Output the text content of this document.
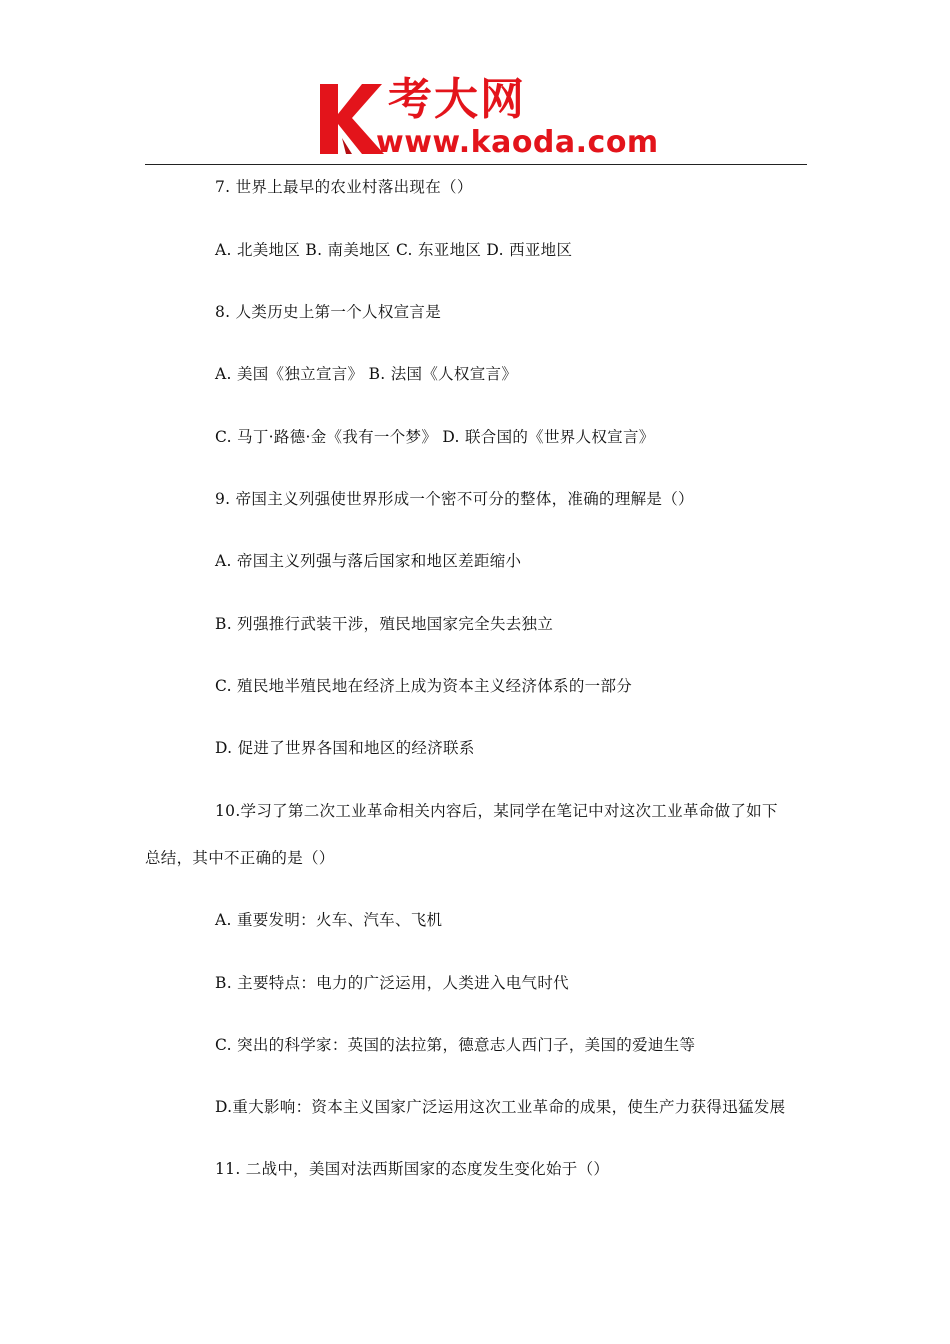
考大网
www.kaoda.com
7. 世界上最早的农业村落出现在（）
A. 北美地区 B. 南美地区 C. 东亚地区 D. 西亚地区
8. 人类历史上第一个人权宣言是
A. 美国《独立宣言》 B. 法国《人权宣言》
C. 马丁·路德·金《我有一个梦》 D. 联合国的《世界人权宣言》
9. 帝国主义列强使世界形成一个密不可分的整体，准确的理解是（）
A. 帝国主义列强与落后国家和地区差距缩小
B. 列强推行武装干涉，殖民地国家完全失去独立
C. 殖民地半殖民地在经济上成为资本主义经济体系的一部分
D. 促进了世界各国和地区的经济联系
10.学习了第二次工业革命相关内容后，某同学在笔记中对这次工业革命做了如下
总结，其中不正确的是（）
A. 重要发明：火车、汽车、飞机
B. 主要特点：电力的广泛运用，人类进入电气时代
C. 突出的科学家：英国的法拉第，德意志人西门子，美国的爱迪生等
D.重大影响：资本主义国家广泛运用这次工业革命的成果，使生产力获得迅猛发展
11. 二战中，美国对法西斯国家的态度发生变化始于（）
